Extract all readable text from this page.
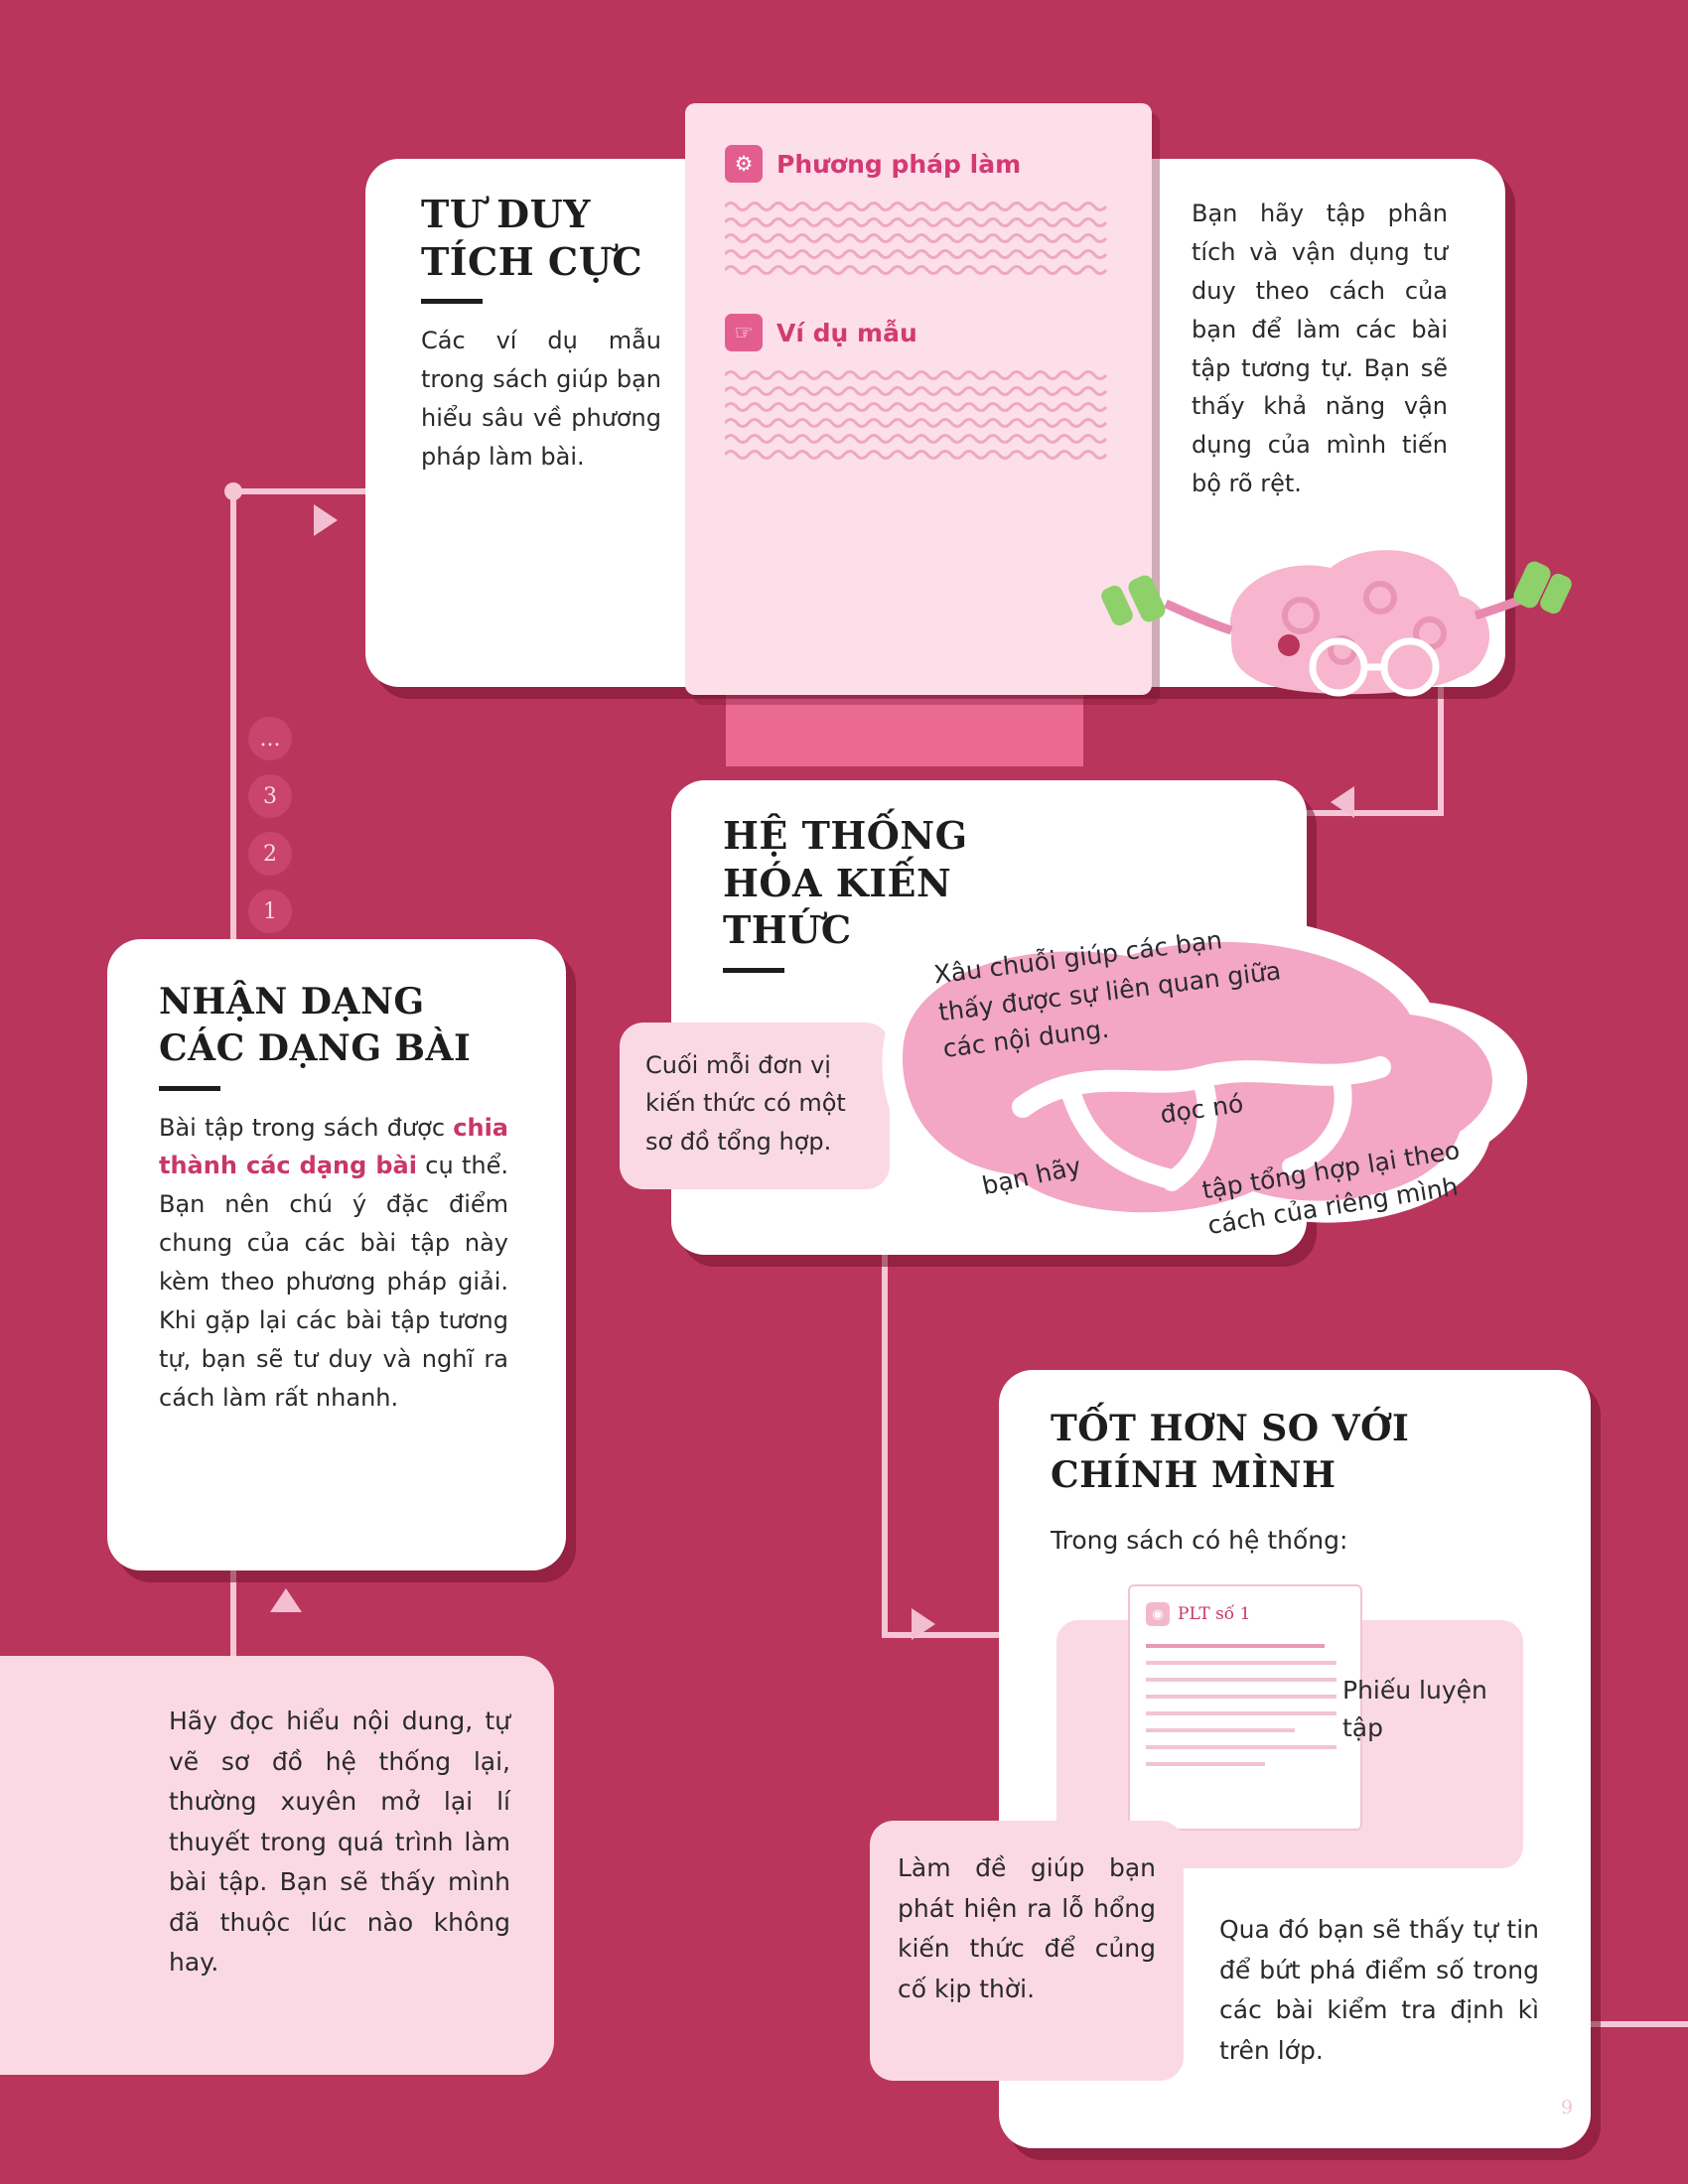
...
3
2
1
TƯ DUY
TÍCH CỰC
Các ví dụ mẫu trong sách giúp bạn hiểu sâu về phương pháp làm bài.
Bạn hãy tập phân tích và vận dụng tư duy theo cách của bạn để làm các bài tập tương tự. Bạn sẽ thấy khả năng vận dụng của mình tiến bộ rõ rệt.
⚙ Phương pháp làm
☞ Ví dụ mẫu
HỆ THỐNG
HÓA KIẾN
THỨC
Cuối mỗi đơn vị kiến thức có một sơ đồ tổng hợp.
Xâu chuỗi giúp các bạn thấy được sự liên quan giữa các nội dung.
bạn hãy
đọc nó
tập tổng hợp lại theo cách của riêng mình
NHẬN DẠNG
CÁC DẠNG BÀI
Bài tập trong sách được chia thành các dạng bài cụ thể. Bạn nên chú ý đặc điểm chung của các bài tập này kèm theo phương pháp giải. Khi gặp lại các bài tập tương tự, bạn sẽ tư duy và nghĩ ra cách làm rất nhanh.
Hãy đọc hiểu nội dung, tự vẽ sơ đồ hệ thống lại, thường xuyên mở lại lí thuyết trong quá trình làm bài tập. Bạn sẽ thấy mình đã thuộc lúc nào không hay.
TỐT HƠN SO VỚI
CHÍNH MÌNH
Trong sách có hệ thống:
◉ PLT số 1
Phiếu luyện tập
Làm đề giúp bạn phát hiện ra lỗ hổng kiến thức để củng cố kịp thời.
Qua đó bạn sẽ thấy tự tin để bứt phá điểm số trong các bài kiểm tra định kì trên lớp.
9
